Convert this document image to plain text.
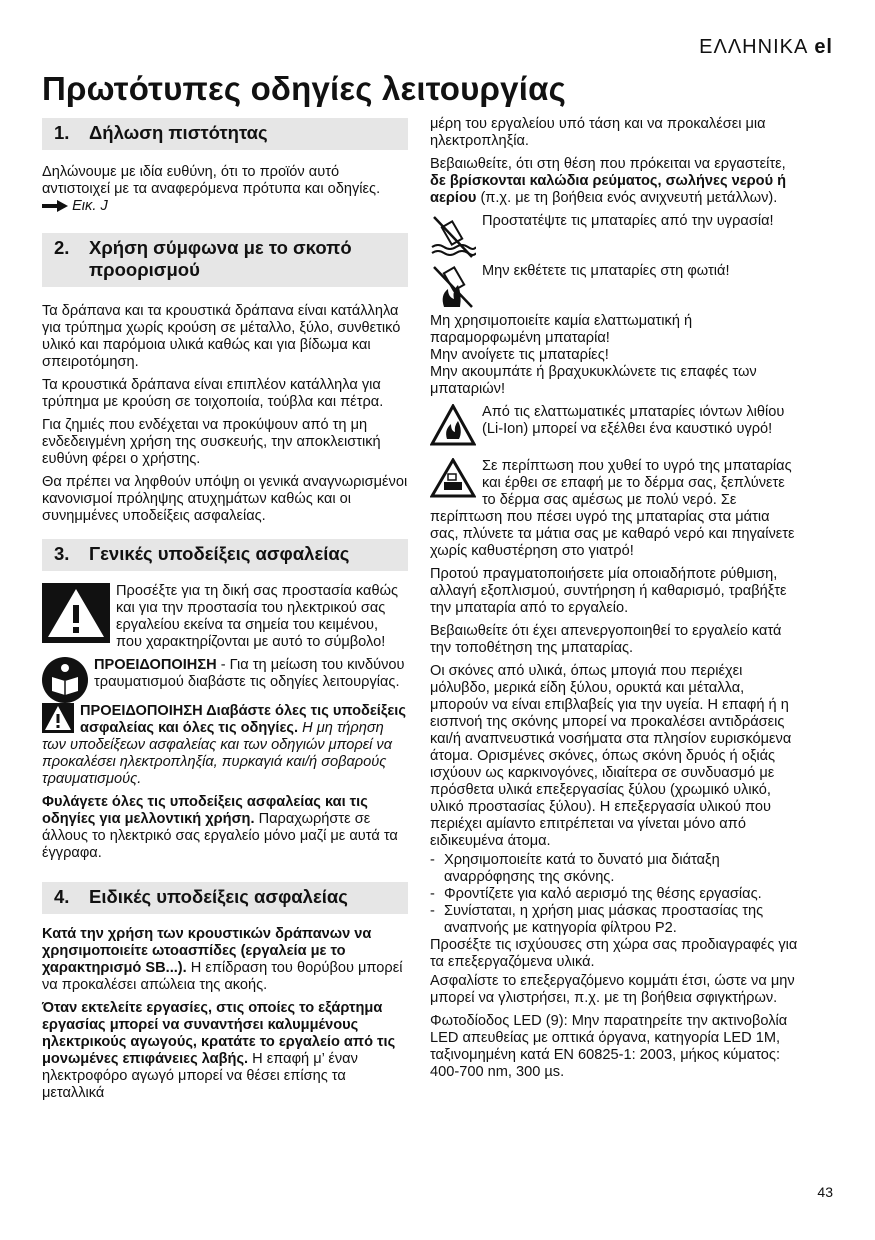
ΕΛΛΗΝΙΚΑ el
Πρωτότυπες οδηγίες λειτουργίας
1.	Δήλωση πιστότητας

Δηλώνουμε με ιδία ευθύνη, ότι το προϊόν αυτό αντιστοιχεί με τα αναφερόμενα πρότυπα και οδηγίες.  Εικ. J

2.	Χρήση σύμφωνα με το σκοπό προορισμού

Τα δράπανα και τα κρουστικά δράπανα είναι κατάλληλα για τρύπημα χωρίς κρούση σε μέταλλο, ξύλο, συνθετικό υλικό και παρόμοια υλικά καθώς και για βίδωμα και σπειροτόμηση.

Τα κρουστικά δράπανα είναι επιπλέον κατάλληλα για τρύπημα με κρούση σε τοιχοποιία, τούβλα και πέτρα.

Για ζημιές που ενδέχεται να προκύψουν από τη μη ενδεδειγμένη χρήση της συσκευής, την αποκλειστική ευθύνη φέρει ο χρήστης.

Θα πρέπει να ληφθούν υπόψη οι γενικά αναγνωρισμένοι κανονισμοί πρόληψης ατυχημάτων καθώς και οι συνημμένες υποδείξεις ασφαλείας.

3.	Γενικές υποδείξεις ασφαλείας

Προσέξτε για τη δική σας προστασία καθώς και για την προστασία του ηλεκτρικού σας εργαλείου εκείνα τα σημεία του κειμένου, που χαρακτηρίζονται με αυτό το σύμβολο!

ΠΡΟΕΙΔΟΠΟΙΗΣΗ - Για τη μείωση του κινδύνου τραυματισμού διαβάστε τις οδηγίες λειτουργίας.

ΠΡΟΕΙΔΟΠΟΙΗΣΗ Διαβάστε όλες τις υποδείξεις ασφαλείας και όλες τις οδηγίες. Η μη τήρηση των υποδείξεων ασφαλείας και των οδηγιών μπορεί να προκαλέσει ηλεκτροπληξία, πυρκαγιά και/ή σοβαρούς τραυματισμούς.

Φυλάγετε όλες τις υποδείξεις ασφαλείας και τις οδηγίες για μελλοντική χρήση. Παραχωρήστε σε άλλους το ηλεκτρικό σας εργαλείο μόνο μαζί με αυτά τα έγγραφα.

4.	Ειδικές υποδείξεις ασφαλείας

Κατά την χρήση των κρουστικών δράπανων να χρησιμοποιείτε ωτοασπίδες (εργαλεία με το χαρακτηρισμό SB...). Η επίδραση του θορύβου μπορεί να προκαλέσει απώλεια της ακοής.

Όταν εκτελείτε εργασίες, στις οποίες το εξάρτημα εργασίας μπορεί να συναντήσει καλυμμένους ηλεκτρικούς αγωγούς, κρατάτε το εργαλείο από τις μονωμένες επιφάνειες λαβής. Η επαφή μ’ έναν ηλεκτροφόρο αγωγό μπορεί να θέσει επίσης τα μεταλλικά

μέρη του εργαλείου υπό τάση και να προκαλέσει μια ηλεκτροπληξία.

Βεβαιωθείτε, ότι στη θέση που πρόκειται να εργαστείτε, δε βρίσκονται καλώδια ρεύματος, σωλήνες νερού ή αερίου (π.χ. με τη βοήθεια ενός ανιχνευτή μετάλλων).

Προστατέψτε τις μπαταρίες από την υγρασία!

Μην εκθέτετε τις μπαταρίες στη φωτιά!

Μη χρησιμοποιείτε καμία ελαττωματική ή παραμορφωμένη μπαταρία!
Μην ανοίγετε τις μπαταρίες!
Μην ακουμπάτε ή βραχυκυκλώνετε τις επαφές των μπαταριών!

Από τις ελαττωματικές μπαταρίες ιόντων λιθίου (Li-Ion) μπορεί να εξέλθει ένα καυστικό υγρό!

Σε περίπτωση που χυθεί το υγρό της μπαταρίας και έρθει σε επαφή με το δέρμα σας, ξεπλύνετε το δέρμα σας αμέσως με πολύ νερό. Σε περίπτωση που πέσει υγρό της μπαταρίας στα μάτια σας, πλύνετε τα μάτια σας με καθαρό νερό και πηγαίνετε χωρίς καθυστέρηση στο γιατρό!

Προτού πραγματοποιήσετε μία οποιαδήποτε ρύθμιση, αλλαγή εξοπλισμού, συντήρηση ή καθαρισμό, τραβήξτε την μπαταρία από το εργαλείο.

Βεβαιωθείτε ότι έχει απενεργοποιηθεί το εργαλείο κατά την τοποθέτηση της μπαταρίας.

Οι σκόνες από υλικά, όπως μπογιά που περιέχει μόλυβδο, μερικά είδη ξύλου, ορυκτά και μέταλλα, μπορούν να είναι επιβλαβείς για την υγεία. Η επαφή ή η εισπνοή της σκόνης μπορεί να προκαλέσει αντιδράσεις και/ή αναπνευστικά νοσήματα στα πλησίον ευρισκόμενα άτομα. Ορισμένες σκόνες, όπως σκόνη δρυός ή οξιάς ισχύουν ως καρκινογόνες, ιδιαίτερα σε συνδυασμό με πρόσθετα υλικά επεξεργασίας ξύλου (χρωμικό υλικό, υλικό προστασίας ξύλου). Η επεξεργασία υλικού που περιέχει αμίαντο επιτρέπεται να γίνεται μόνο από ειδικευμένα άτομα.

- Χρησιμοποιείτε κατά το δυνατό μια διάταξη αναρρόφησης της σκόνης.
- Φροντίζετε για καλό αερισμό της θέσης εργασίας.
- Συνίσταται, η χρήση μιας μάσκας προστασίας της αναπνοής με κατηγορία φίλτρου P2.

Προσέξτε τις ισχύουσες στη χώρα σας προδιαγραφές για τα επεξεργαζόμενα υλικά.

Ασφαλίστε το επεξεργαζόμενο κομμάτι έτσι, ώστε να μην μπορεί να γλιστρήσει, π.χ. με τη βοήθεια σφιγκτήρων.

Φωτοδίοδος LED (9): Μην παρατηρείτε την ακτινοβολία LED απευθείας με οπτικά όργανα, κατηγορία LED 1M, ταξινομημένη κατά EN 60825-1: 2003, μήκος κύματος: 400-700 nm, 300 µs.

43
